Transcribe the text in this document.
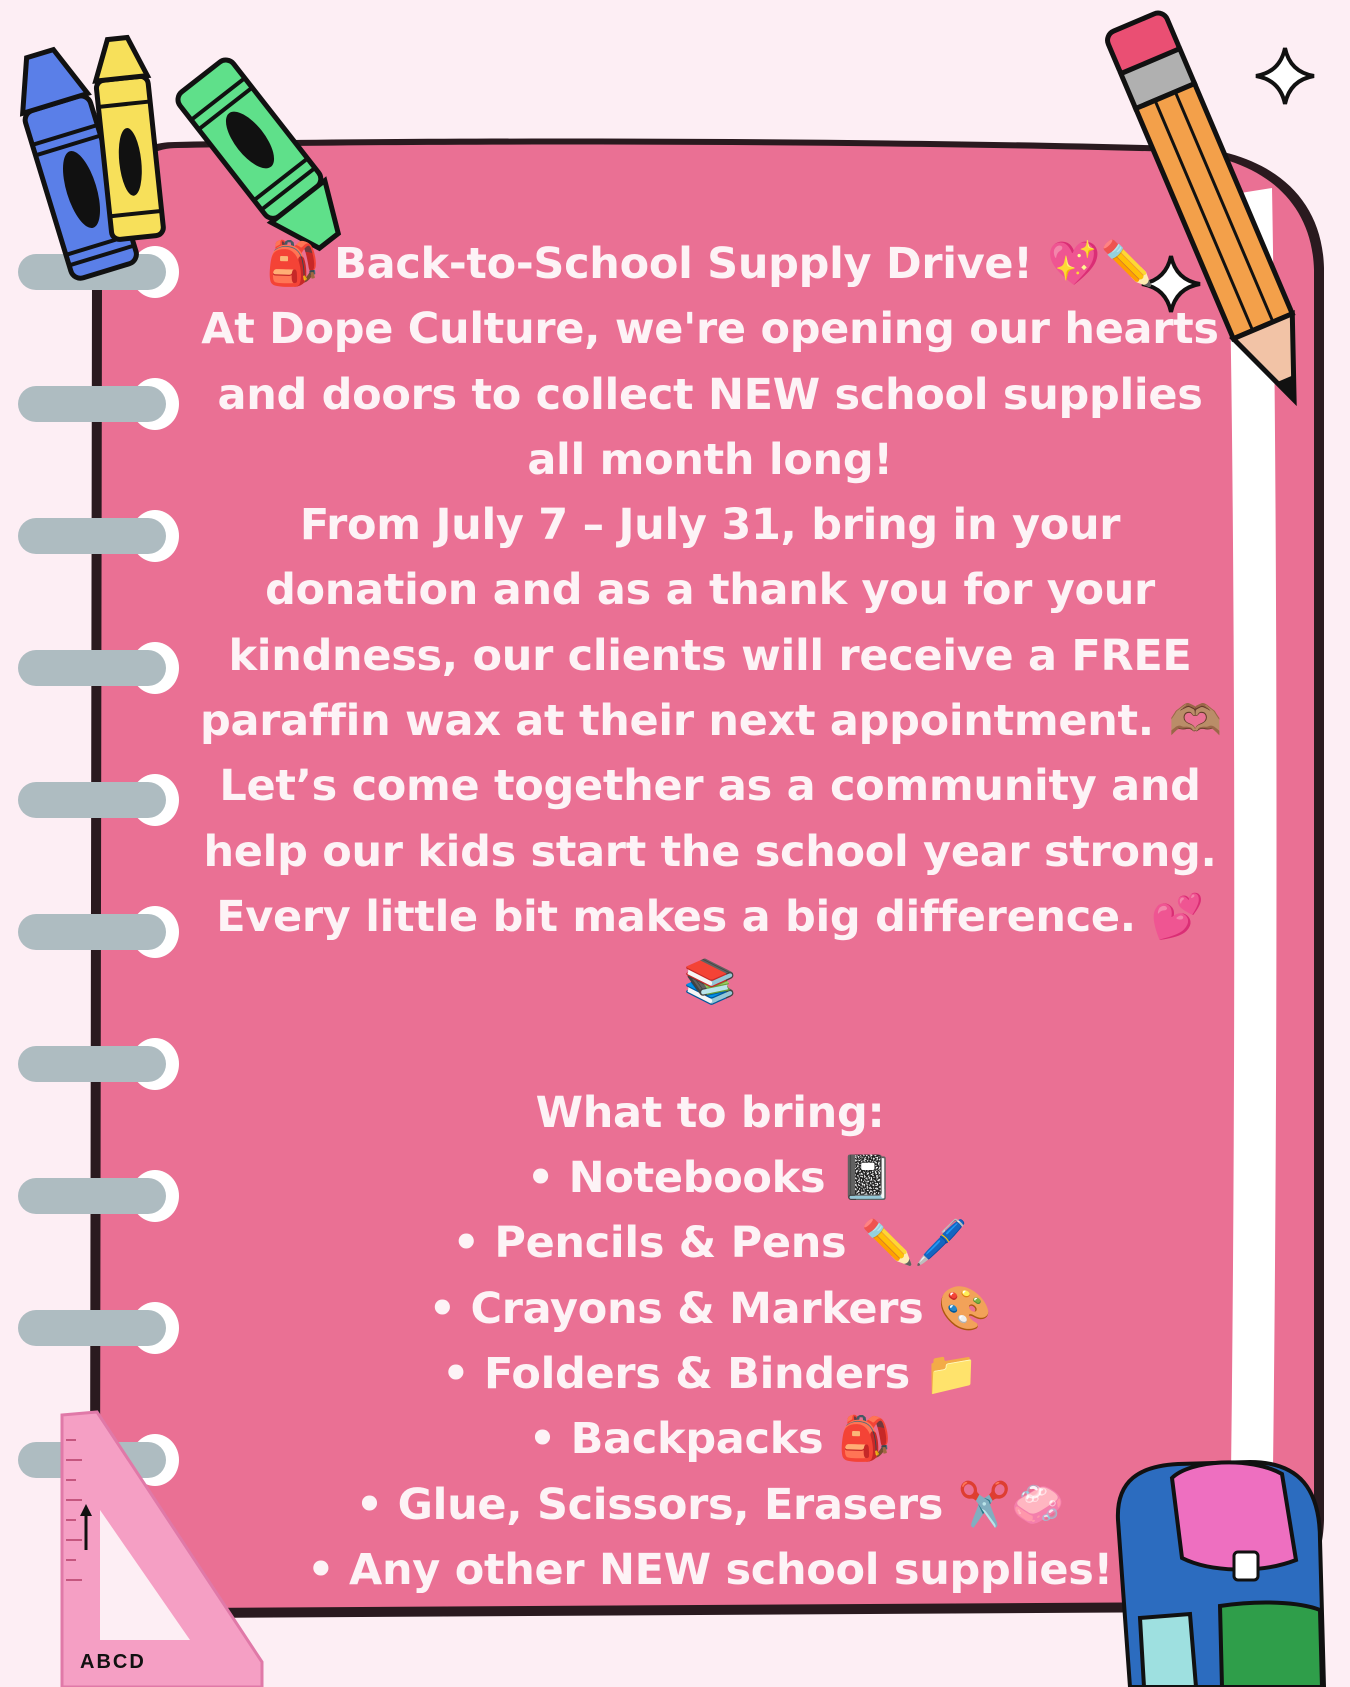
ABCD
🎒 Back-to-School Supply Drive! 💖✏️
At Dope Culture, we're opening our hearts
and doors to collect NEW school supplies
all month long!
From July 7 – July 31, bring in your
donation and as a thank you for your
kindness, our clients will receive a FREE
paraffin wax at their next appointment. 🫶🏽
Let’s come together as a community and
help our kids start the school year strong.
Every little bit makes a big difference. 💕
📚
What to bring:
• Notebooks 📓
• Pencils & Pens ✏️🖊️
• Crayons & Markers 🎨
• Folders & Binders 📁
• Backpacks 🎒
• Glue, Scissors, Erasers ✂️🧼
• Any other NEW school supplies!
